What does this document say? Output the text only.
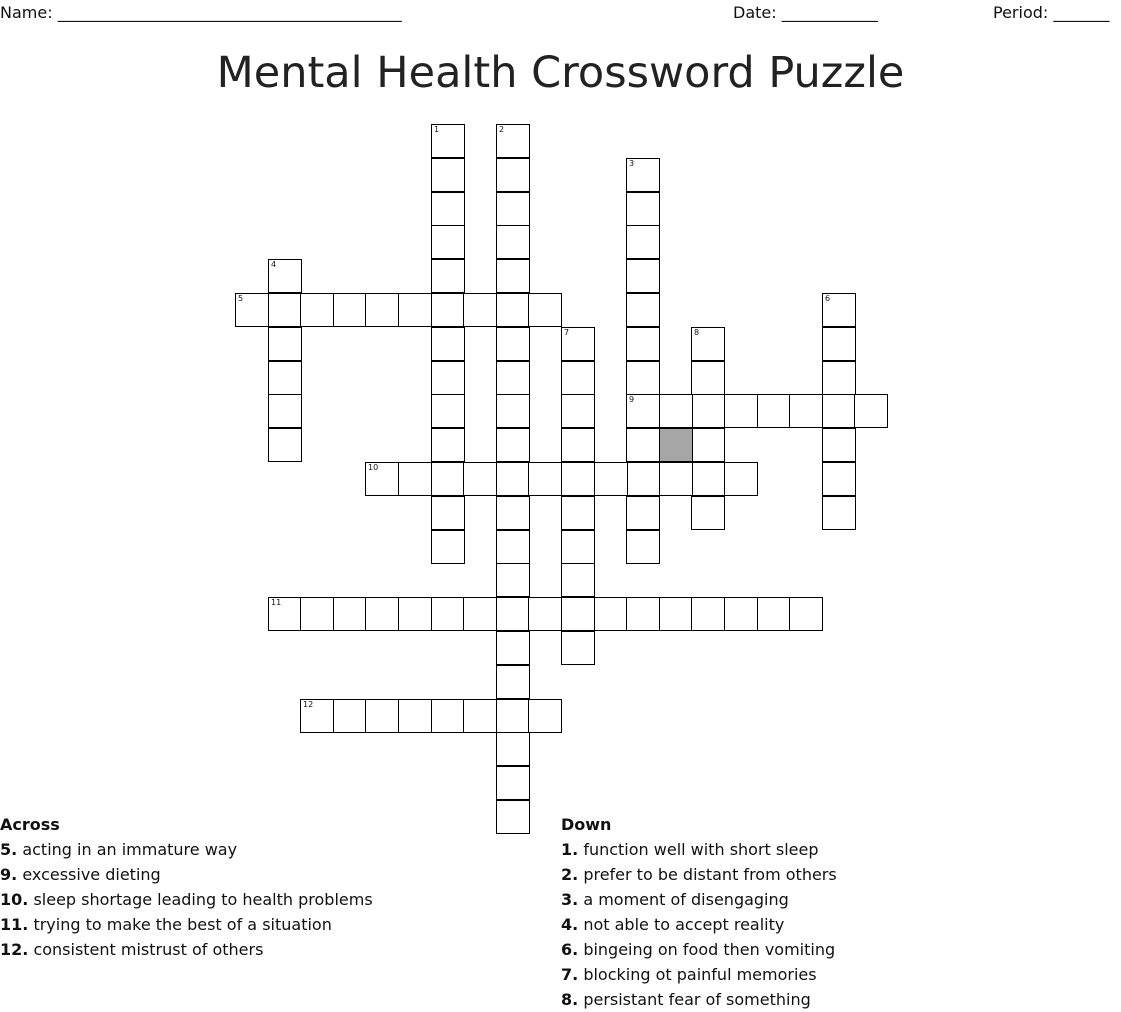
Name: ___________________________________________	Date: ____________	Period: _______
Mental Health Crossword Puzzle
1	2
3
9
4
5	6
7	8
10
11
12
Across
5. acting in an immature way
9. excessive dieting
10. sleep shortage leading to health problems
11. trying to make the best of a situation
12. consistent mistrust of others
Down
1. function well with short sleep
2. prefer to be distant from others
3. a moment of disengaging
4. not able to accept reality
6. bingeing on food then vomiting
7. blocking ot painful memories
8. persistant fear of something
